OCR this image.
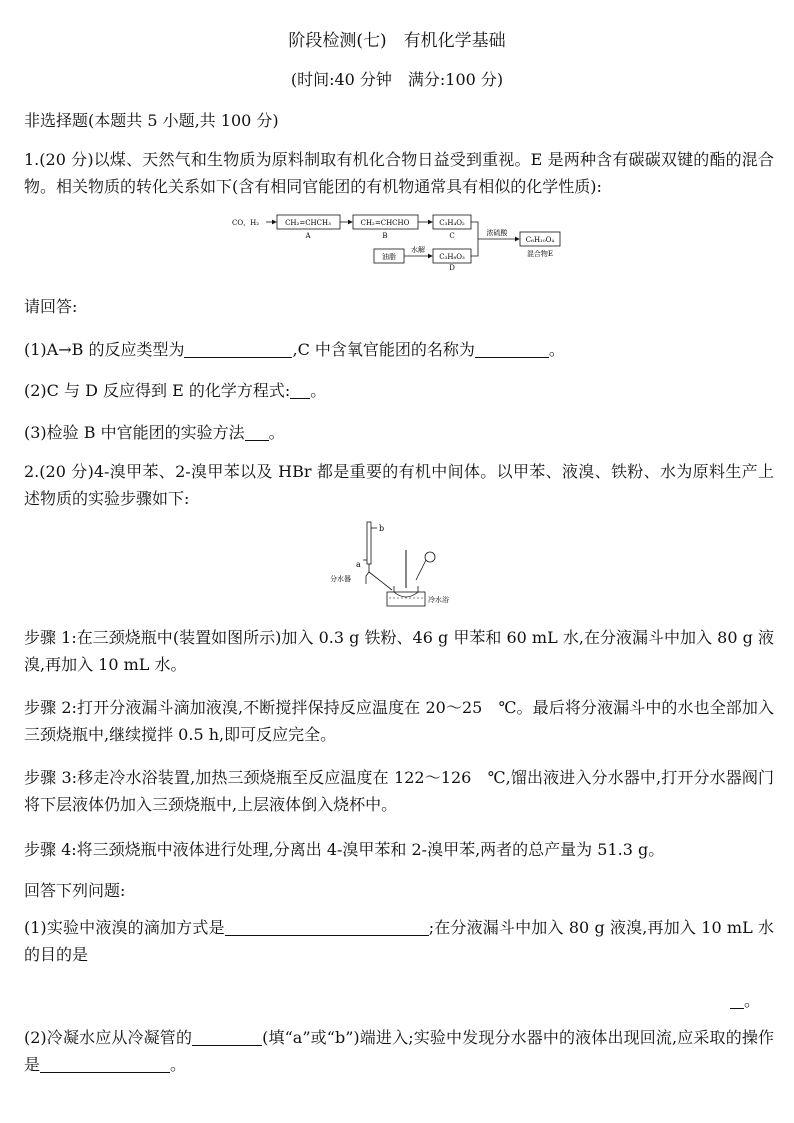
阶段检测(七)　有机化学基础
(时间:40 分钟　满分:100 分)
非选择题(本题共 5 小题,共 100 分)
1.(20 分)以煤、天然气和生物质为原料制取有机化合物日益受到重视。E 是两种含有碳碳双键的酯的混合物。相关物质的转化关系如下(含有相同官能团的有机物通常具有相似的化学性质):
CO、H₂	CH₂=CHCH₃
A
CH₂=CHCHO
B
C₃H₄O₂
C
油脂
水解
C₃H₈O₃
D
浓硫酸
C₆H₁₀O₄
混合物E
请回答:
(1)A→B 的反应类型为	,C 中含氧官能团的名称为	。
(2)C 与 D 反应得到 E 的化学方程式: 。
(3)检验 B 中官能团的实验方法 。
2.(20 分)4-溴甲苯、2-溴甲苯以及 HBr 都是重要的有机中间体。以甲苯、液溴、铁粉、水为原料生产上述物质的实验步骤如下:
b
a
分水器
冷水浴
步骤 1:在三颈烧瓶中(装置如图所示)加入 0.3 g 铁粉、46 g 甲苯和 60 mL 水,在分液漏斗中加入 80 g 液溴,再加入 10 mL 水。
步骤 2:打开分液漏斗滴加液溴,不断搅拌保持反应温度在 20～25　℃。最后将分液漏斗中的水也全部加入三颈烧瓶中,继续搅拌 0.5 h,即可反应完全。
步骤 3:移走冷水浴装置,加热三颈烧瓶至反应温度在 122～126　℃,馏出液进入分水器中,打开分水器阀门将下层液体仍加入三颈烧瓶中,上层液体倒入烧杯中。
步骤 4:将三颈烧瓶中液体进行处理,分离出 4-溴甲苯和 2-溴甲苯,两者的总产量为 51.3 g。
回答下列问题:
(1)实验中液溴的滴加方式是	;在分液漏斗中加入 80 g 液溴,再加入 10 mL 水的目的是
。
(2)冷凝水应从冷凝管的	(填“a”或“b”)端进入;实验中发现分水器中的液体出现回流,应采取的操作是	。
